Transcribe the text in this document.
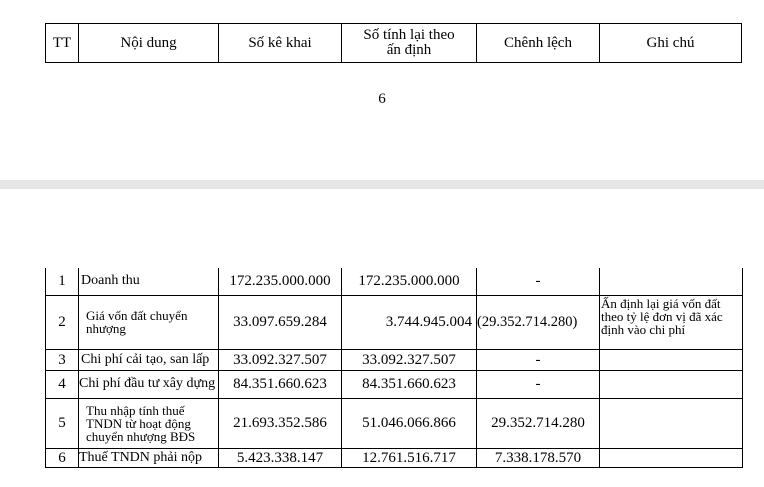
TT	Nội dung	Số kê khai	Số tính lại theo ấn định	Chênh lệch	Ghi chú
6
1	Doanh thu	172.235.000.000	172.235.000.000	-	
2	Giá vốn đất chuyển nhượng	33.097.659.284	3.744.945.004	(29.352.714.280)	Ấn định lại giá vốn đất theo tỷ lệ đơn vị đã xác định vào chi phí
3	Chi phí cải tạo, san lấp	33.092.327.507	33.092.327.507	-	
4	Chi phí đầu tư xây dựng	84.351.660.623	84.351.660.623	-	
5	Thu nhập tính thuế TNDN từ hoạt động chuyển nhượng BĐS	21.693.352.586	51.046.066.866	29.352.714.280	
6	Thuế TNDN phải nộp	5.423.338.147	12.761.516.717	7.338.178.570	
